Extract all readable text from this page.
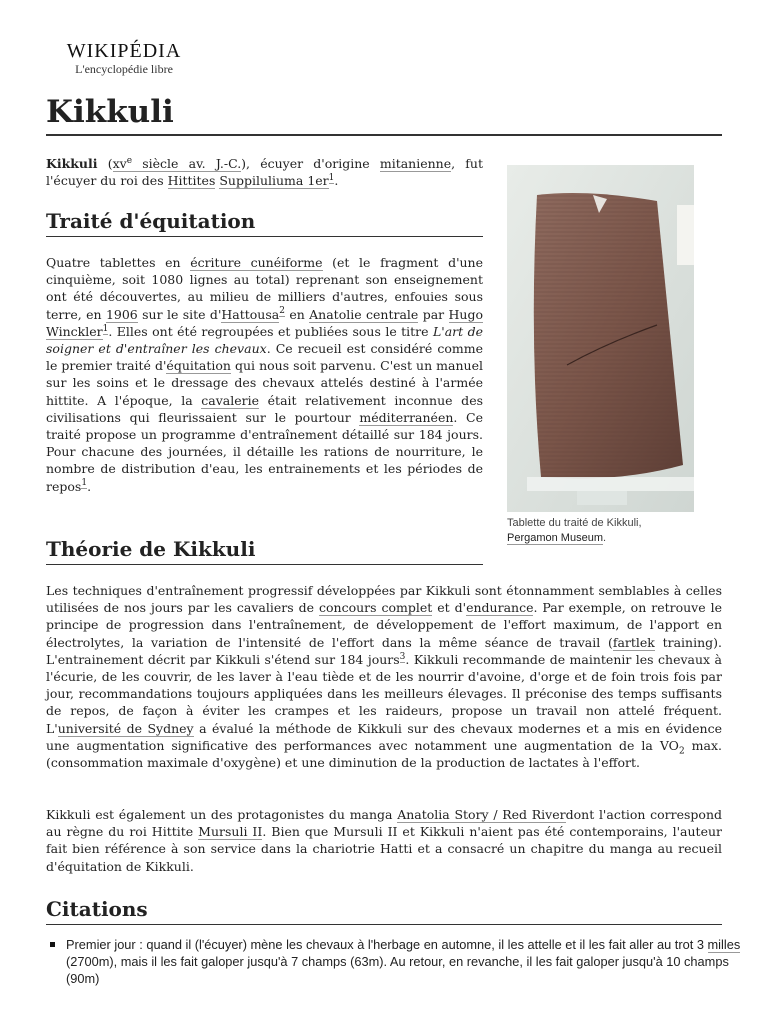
WIKIPÉDIA
L'encyclopédie libre
Kikkuli

Kikkuli ($xv^e$ siècle av. J.-C.), écuyer d'origine mitanienne, fut l'écuyer du roi des Hittites Suppiluliuma $1er^1$.

Traité d'équitation

Quatre tablettes en écriture cunéiforme (et le fragment d'une cinquième, soit 1080 lignes au total) reprenant son enseignement ont été découvertes, au milieu de milliers d'autres, enfouies sous terre, en 1906 sur le site d'Hattousa$^2$ en Anatolie centrale par Hugo Winckler$^1$. Elles ont été regroupées et publiées sous le titre L'art de soigner et d'entraîner les chevaux. Ce recueil est considéré comme le premier traité d'équitation qui nous soit parvenu. C'est un manuel sur les soins et le dressage des chevaux attelés destiné à l'armée hittite. A l'époque, la cavalerie était relativement inconnue des civilisations qui fleurissaient sur le pourtour méditerranéen. Ce traité propose un programme d'entraînement détaillé sur 184 jours. Pour chacune des journées, il détaille les rations de nourriture, le nombre de distribution d'eau, les entrainements et les périodes de repos$^1$.

Tablette du traité de Kikkuli, Pergamon Museum.
Théorie de Kikkuli

Les techniques d'entraînement progressif développées par Kikkuli sont étonnamment semblables à celles utilisées de nos jours par les cavaliers de concours complet et d'endurance. Par exemple, on retrouve le principe de progression dans l'entraînement, de développement de l'effort maximum, de l'apport en électrolytes, la variation de l'intensité de l'effort dans la même séance de travail (fartlek training). L'entrainement décrit par Kikkuli s'étend sur 184 jours$^3$. Kikkuli recommande de maintenir les chevaux à l'écurie, de les couvrir, de les laver à l'eau tiède et de les nourrir d'avoine, d'orge et de foin trois fois par jour, recommandations toujours appliquées dans les meilleurs élevages. Il préconise des temps suffisants de repos, de façon à éviter les crampes et les raideurs, propose un travail non attelé fréquent. L'université de Sydney a évalué la méthode de Kikkuli sur des chevaux modernes et a mis en évidence une augmentation significative des performances avec notamment une augmentation de la $VO_2$ max. (consommation maximale d'oxygène) et une diminution de la production de lactates à l'effort.

Kikkuli est également un des protagonistes du manga Anatolia Story / Red Riverdont l'action correspond au règne du roi Hittite Mursuli II. Bien que Mursuli II et Kikkuli n'aient pas été contemporains, l'auteur fait bien référence à son service dans la chariotrie Hatti et a consacré un chapitre du manga au recueil d'équitation de Kikkuli.

Citations
Premier jour : quand il (l'écuyer) mène les chevaux à l'herbage en automne, il les attelle et il les fait aller au trot 3 milles (2700m), mais il les fait galoper jusqu'à 7 champs (63m). Au retour, en revanche, il les fait galoper jusqu'à 10 champs (90m)
